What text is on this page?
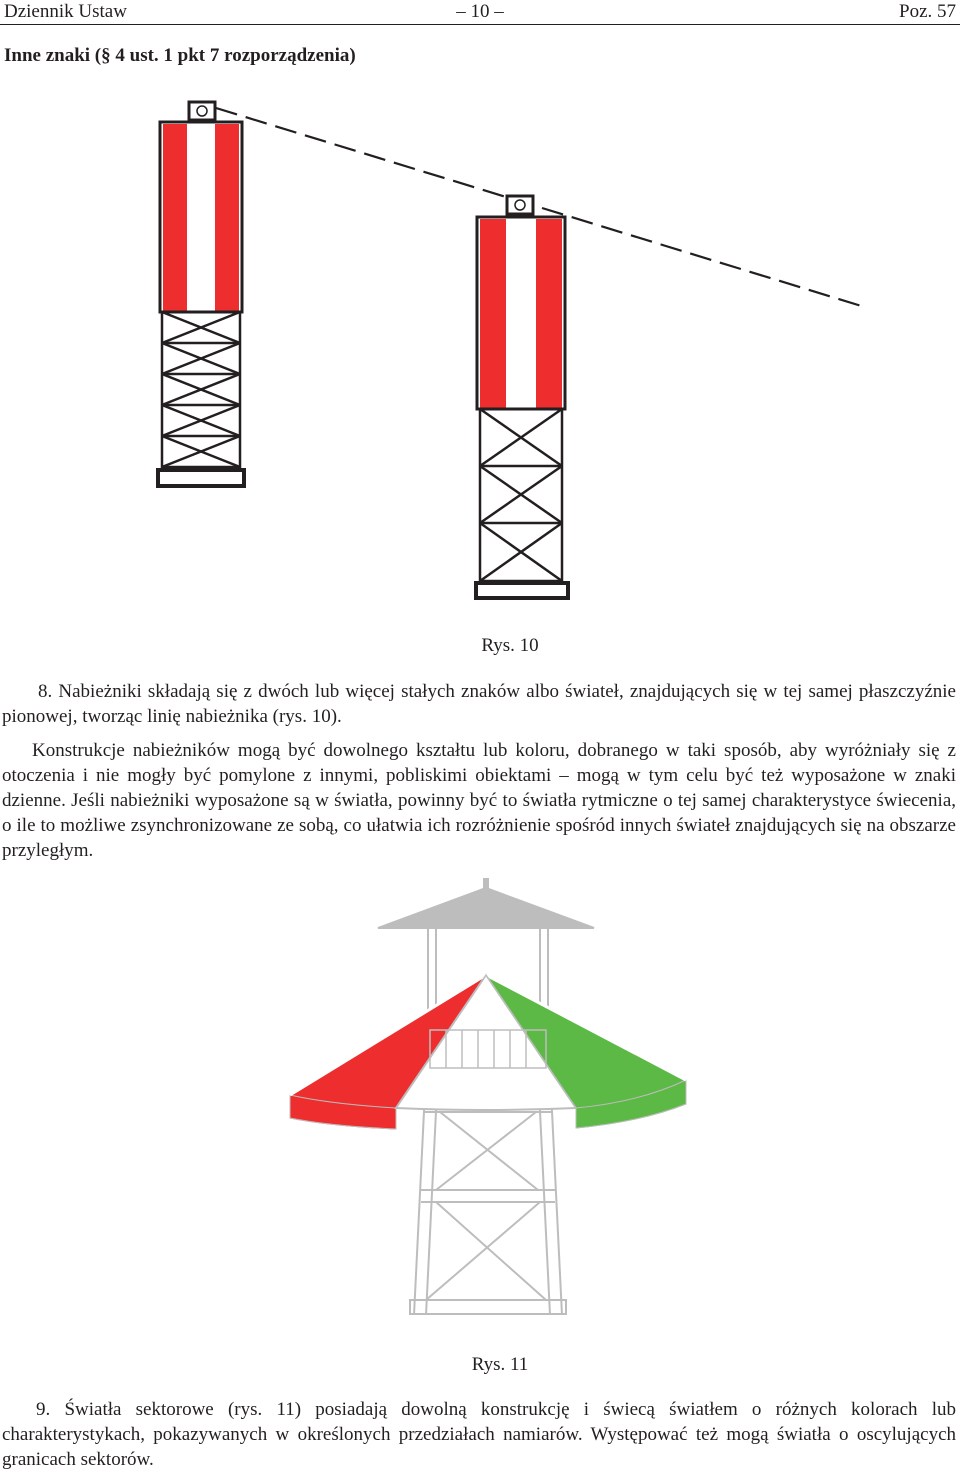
Dziennik Ustaw	– 10 –	Poz. 57
Inne znaki (§ 4 ust. 1 pkt 7 rozporządzenia)
Rys. 10
8. Nabieżniki składają się z dwóch lub więcej stałych znaków albo świateł, znajdujących się w tej samej płaszczyźnie pionowej, tworząc linię nabieżnika (rys. 10).
Konstrukcje nabieżników mogą być dowolnego kształtu lub koloru, dobranego w taki sposób, aby wyróżniały się z otoczenia i nie mogły być pomylone z innymi, pobliskimi obiektami – mogą w tym celu być też wyposażone w znaki dzienne. Jeśli nabieżniki wyposażone są w światła, powinny być to światła rytmiczne o tej samej charakterystyce świecenia, o ile to możliwe zsynchronizowane ze sobą, co ułatwia ich rozróżnienie spośród innych świateł znajdujących się na obszarze przyległym.
Rys. 11
9. Światła sektorowe (rys. 11) posiadają dowolną konstrukcję i świecą światłem o różnych kolorach lub charakterystykach, pokazywanych w określonych przedziałach namiarów. Występować też mogą światła o oscylujących granicach sektorów.
